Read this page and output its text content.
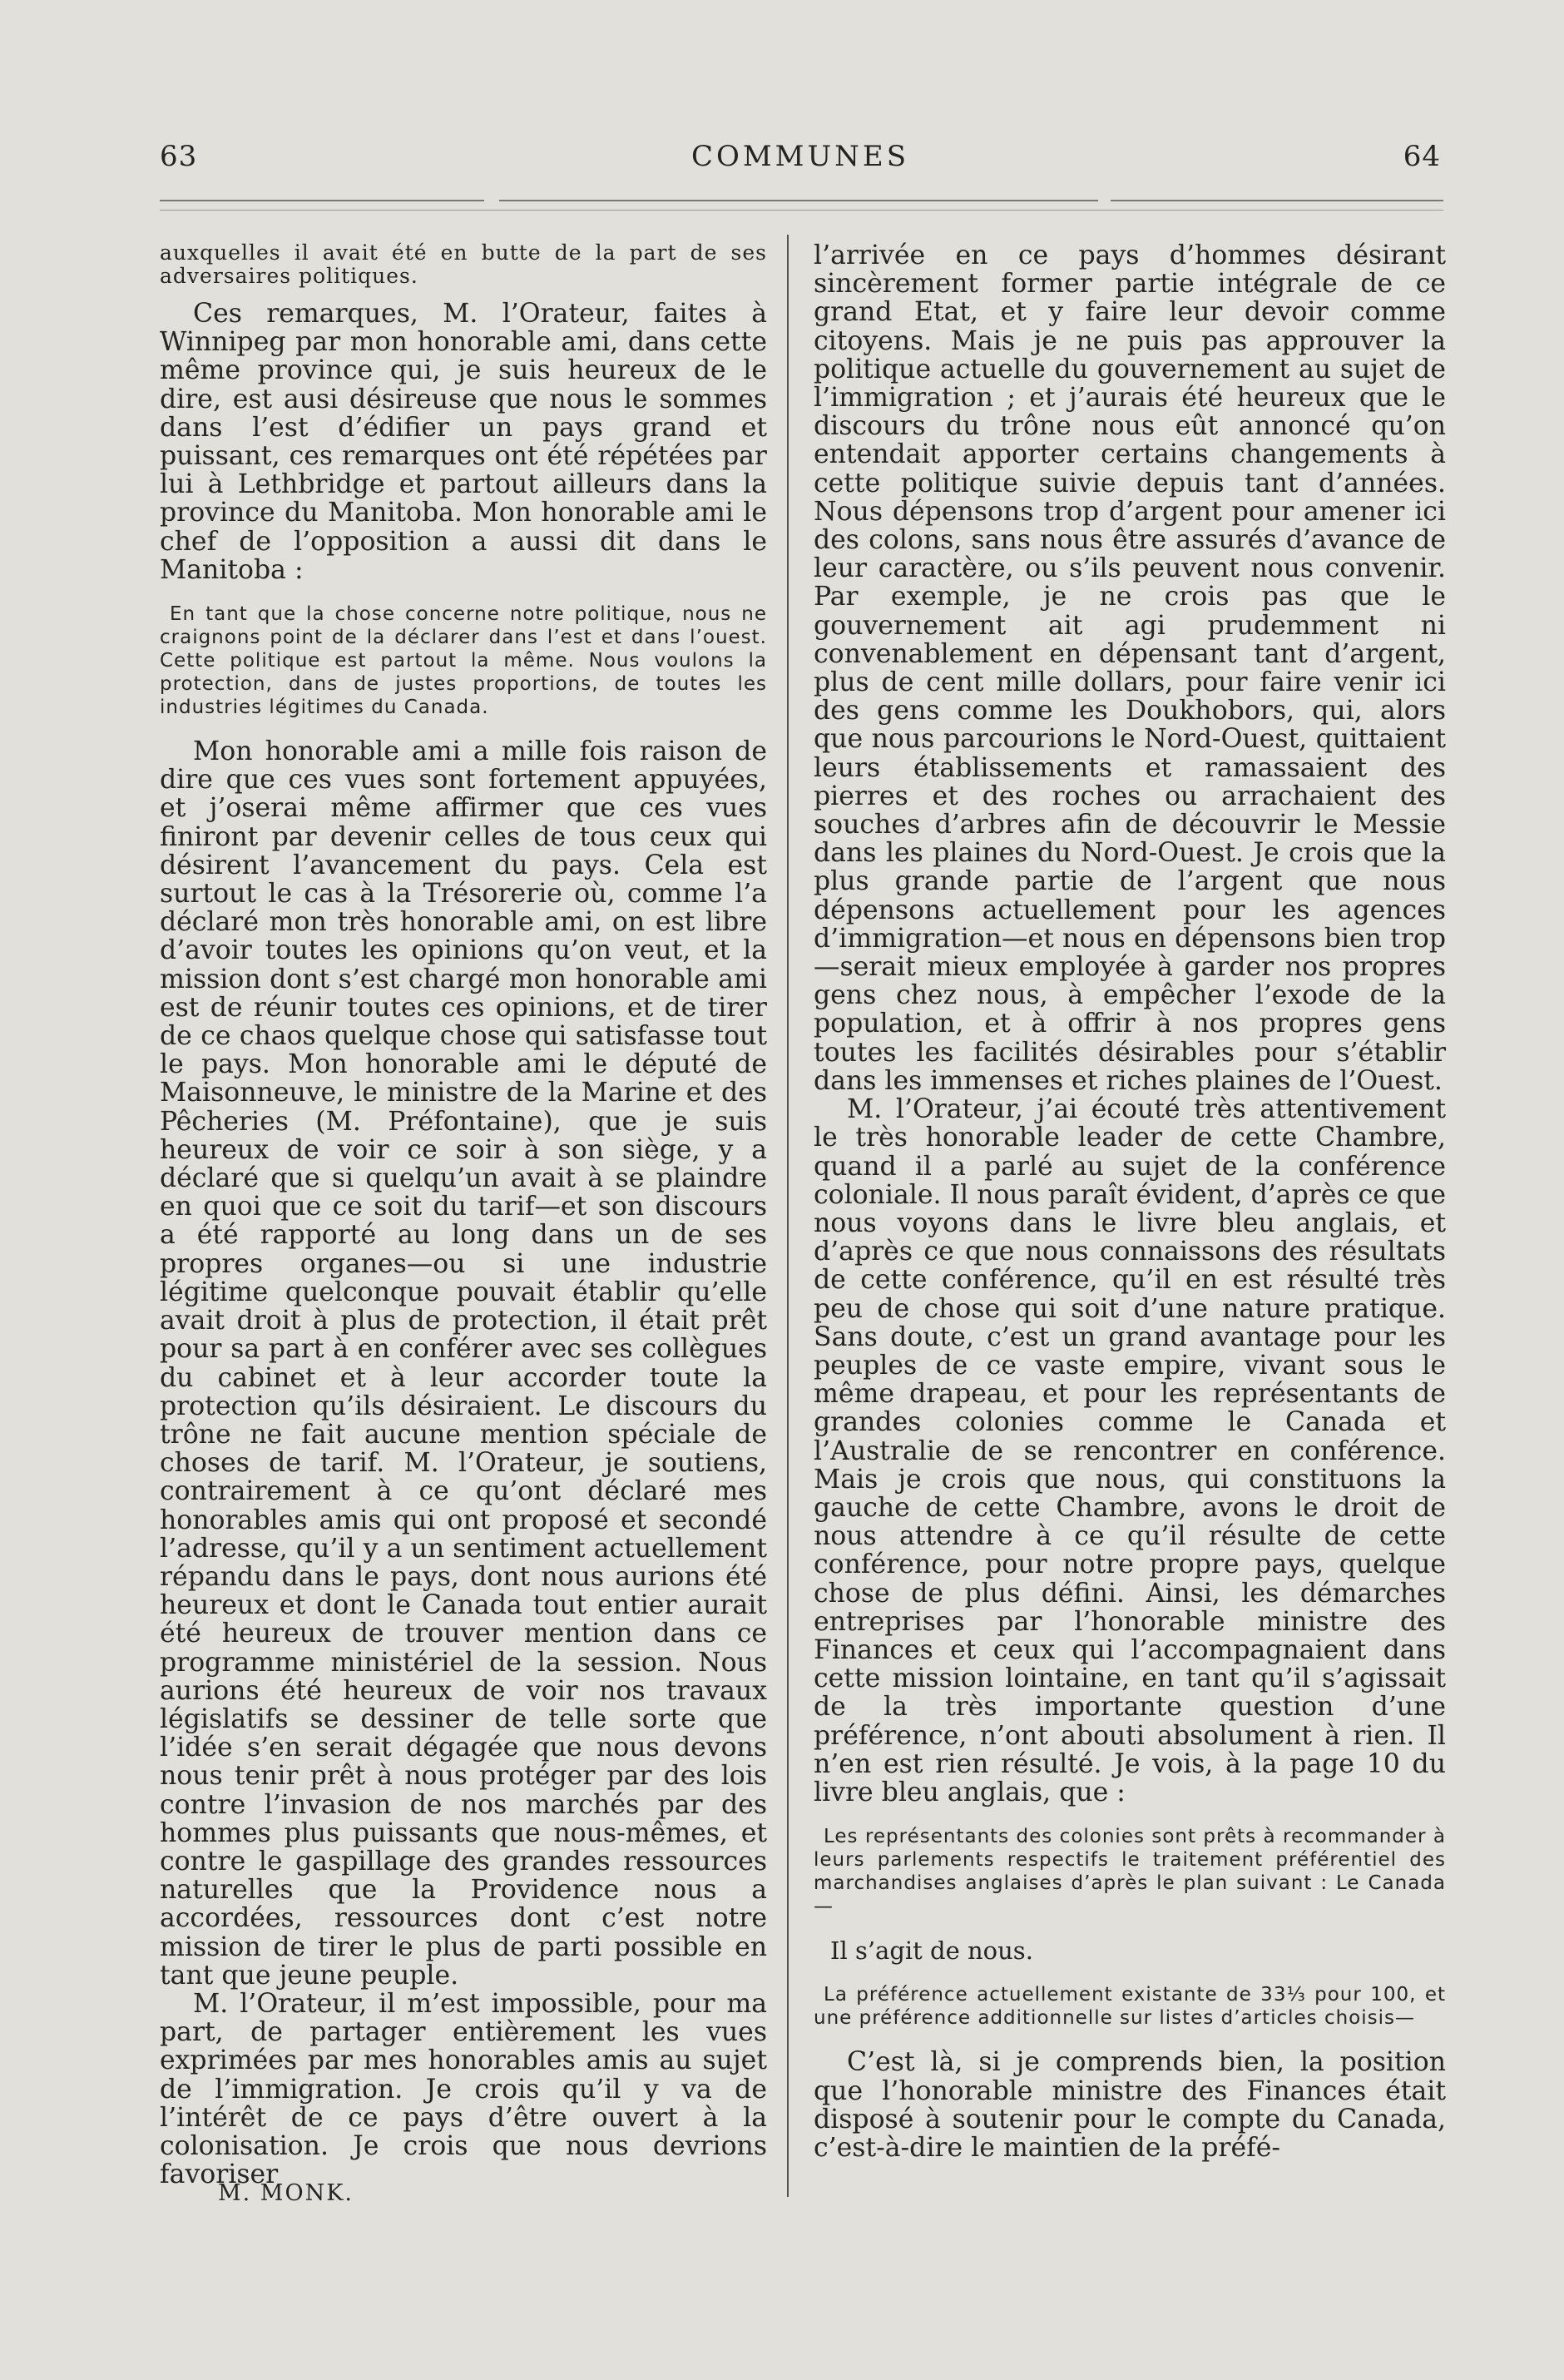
63	COMMUNES	64

auxquelles il avait été en butte de la part de ses adversaires politiques.

Ces remarques, M. l’Orateur, faites à Winnipeg par mon honorable ami, dans cette même province qui, je suis heureux de le dire, est ausi désireuse que nous le sommes dans l’est d’édifier un pays grand et puissant, ces remarques ont été répétées par lui à Lethbridge et partout ailleurs dans la province du Manitoba. Mon honorable ami le chef de l’opposition a aussi dit dans le Manitoba :

En tant que la chose concerne notre politique, nous ne craignons point de la déclarer dans l’est et dans l’ouest. Cette politique est partout la même. Nous voulons la protection, dans de justes proportions, de toutes les industries légitimes du Canada.

Mon honorable ami a mille fois raison de dire que ces vues sont fortement appuyées, et j’oserai même affirmer que ces vues finiront par devenir celles de tous ceux qui désirent l’avancement du pays. Cela est surtout le cas à la Trésorerie où, comme l’a déclaré mon très honorable ami, on est libre d’avoir toutes les opinions qu’on veut, et la mission dont s’est chargé mon honorable ami est de réunir toutes ces opinions, et de tirer de ce chaos quelque chose qui satisfasse tout le pays. Mon honorable ami le député de Maisonneuve, le ministre de la Marine et des Pêcheries (M. Préfontaine), que je suis heureux de voir ce soir à son siège, y a déclaré que si quelqu’un avait à se plaindre en quoi que ce soit du tarif—et son discours a été rapporté au long dans un de ses propres organes—ou si une industrie légitime quelconque pouvait établir qu’elle avait droit à plus de protection, il était prêt pour sa part à en conférer avec ses collègues du cabinet et à leur accorder toute la protection qu’ils désiraient. Le discours du trône ne fait aucune mention spéciale de choses de tarif. M. l’Orateur, je soutiens, contrairement à ce qu’ont déclaré mes honorables amis qui ont proposé et secondé l’adresse, qu’il y a un sentiment actuellement répandu dans le pays, dont nous aurions été heureux et dont le Canada tout entier aurait été heureux de trouver mention dans ce programme ministériel de la session. Nous aurions été heureux de voir nos travaux législatifs se dessiner de telle sorte que l’idée s’en serait dégagée que nous devons nous tenir prêt à nous protéger par des lois contre l’invasion de nos marchés par des hommes plus puissants que nous-mêmes, et contre le gaspillage des grandes ressources naturelles que la Providence nous a accordées, ressources dont c’est notre mission de tirer le plus de parti possible en tant que jeune peuple.

M. l’Orateur, il m’est impossible, pour ma part, de partager entièrement les vues exprimées par mes honorables amis au sujet de l’immigration. Je crois qu’il y va de l’intérêt de ce pays d’être ouvert à la colonisation. Je crois que nous devrions favoriser

l’arrivée en ce pays d’hommes désirant sincèrement former partie intégrale de ce grand Etat, et y faire leur devoir comme citoyens. Mais je ne puis pas approuver la politique actuelle du gouvernement au sujet de l’immigration ; et j’aurais été heureux que le discours du trône nous eût annoncé qu’on entendait apporter certains changements à cette politique suivie depuis tant d’années. Nous dépensons trop d’argent pour amener ici des colons, sans nous être assurés d’avance de leur caractère, ou s’ils peuvent nous convenir. Par exemple, je ne crois pas que le gouvernement ait agi prudemment ni convenablement en dépensant tant d’argent, plus de cent mille dollars, pour faire venir ici des gens comme les Doukhobors, qui, alors que nous parcourions le Nord-Ouest, quittaient leurs établissements et ramassaient des pierres et des roches ou arrachaient des souches d’arbres afin de découvrir le Messie dans les plaines du Nord-Ouest. Je crois que la plus grande partie de l’argent que nous dépensons actuellement pour les agences d’immigration—et nous en dépensons bien trop—serait mieux employée à garder nos propres gens chez nous, à empêcher l’exode de la population, et à offrir à nos propres gens toutes les facilités désirables pour s’établir dans les immenses et riches plaines de l’Ouest.

M. l’Orateur, j’ai écouté très attentivement le très honorable leader de cette Chambre, quand il a parlé au sujet de la conférence coloniale. Il nous paraît évident, d’après ce que nous voyons dans le livre bleu anglais, et d’après ce que nous connaissons des résultats de cette conférence, qu’il en est résulté très peu de chose qui soit d’une nature pratique. Sans doute, c’est un grand avantage pour les peuples de ce vaste empire, vivant sous le même drapeau, et pour les représentants de grandes colonies comme le Canada et l’Australie de se rencontrer en conférence. Mais je crois que nous, qui constituons la gauche de cette Chambre, avons le droit de nous attendre à ce qu’il résulte de cette conférence, pour notre propre pays, quelque chose de plus défini. Ainsi, les démarches entreprises par l’honorable ministre des Finances et ceux qui l’accompagnaient dans cette mission lointaine, en tant qu’il s’agissait de la très importante question d’une préférence, n’ont abouti absolument à rien. Il n’en est rien résulté. Je vois, à la page 10 du livre bleu anglais, que :

Les représentants des colonies sont prêts à recommander à leurs parlements respectifs le traitement préférentiel des marchandises anglaises d’après le plan suivant : Le Canada—

Il s’agit de nous.

La préférence actuellement existante de 33⅓ pour 100, et une préférence additionnelle sur listes d’articles choisis—

C’est là, si je comprends bien, la position que l’honorable ministre des Finances était disposé à soutenir pour le compte du Canada, c’est-à-dire le maintien de la préfé-

M. MONK.
